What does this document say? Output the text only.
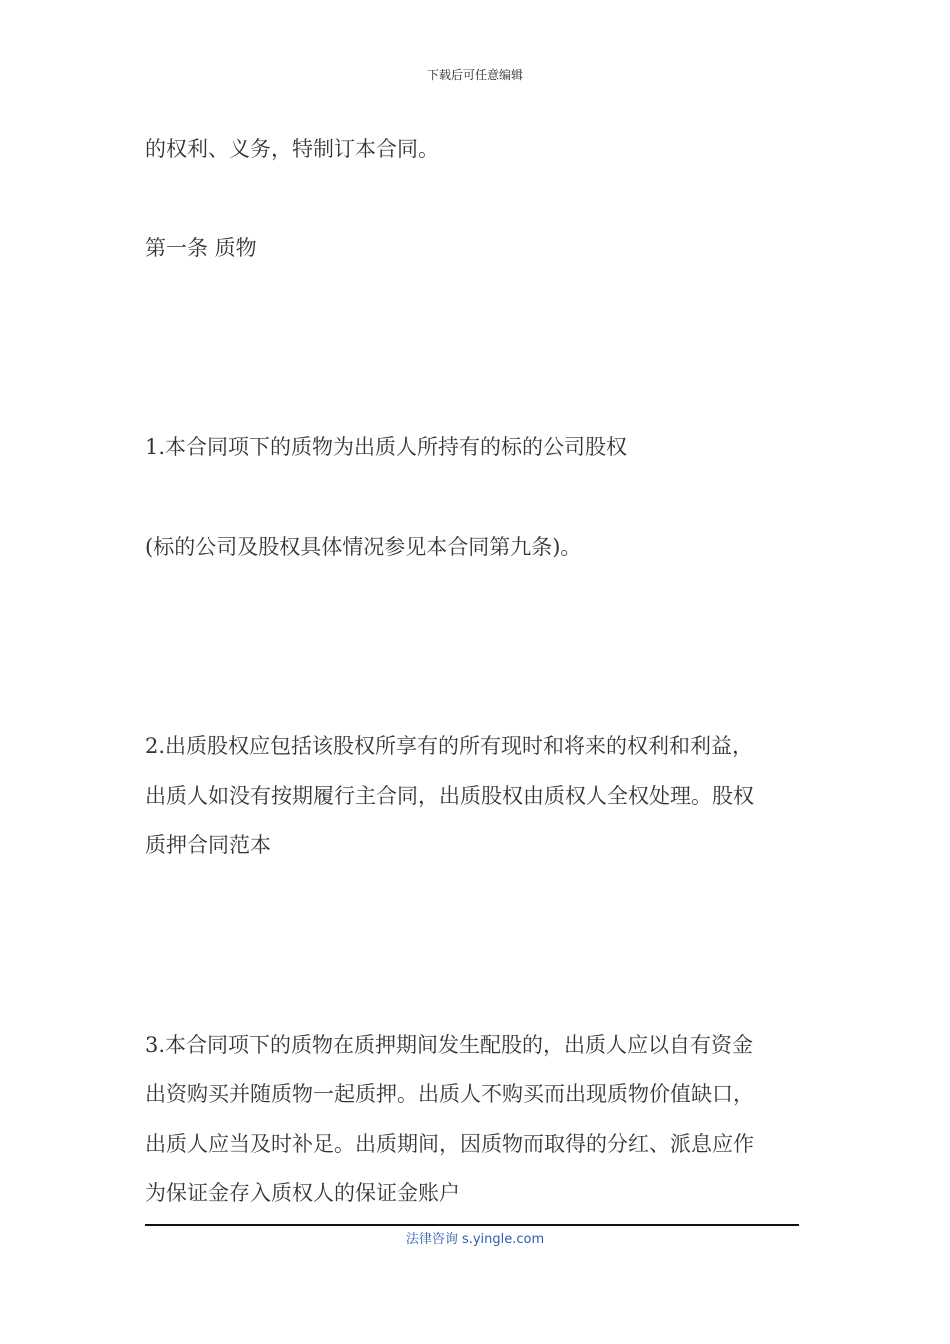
下载后可任意编辑
的权利、义务，特制订本合同。
第一条 质物
1.本合同项下的质物为出质人所持有的标的公司股权
(标的公司及股权具体情况参见本合同第九条)。
2.出质股权应包括该股权所享有的所有现时和将来的权利和利益，
出质人如没有按期履行主合同，出质股权由质权人全权处理。股权
质押合同范本
3.本合同项下的质物在质押期间发生配股的，出质人应以自有资金
出资购买并随质物一起质押。出质人不购买而出现质物价值缺口，
出质人应当及时补足。出质期间，因质物而取得的分红、派息应作
为保证金存入质权人的保证金账户
法律咨询 s.yingle.com
